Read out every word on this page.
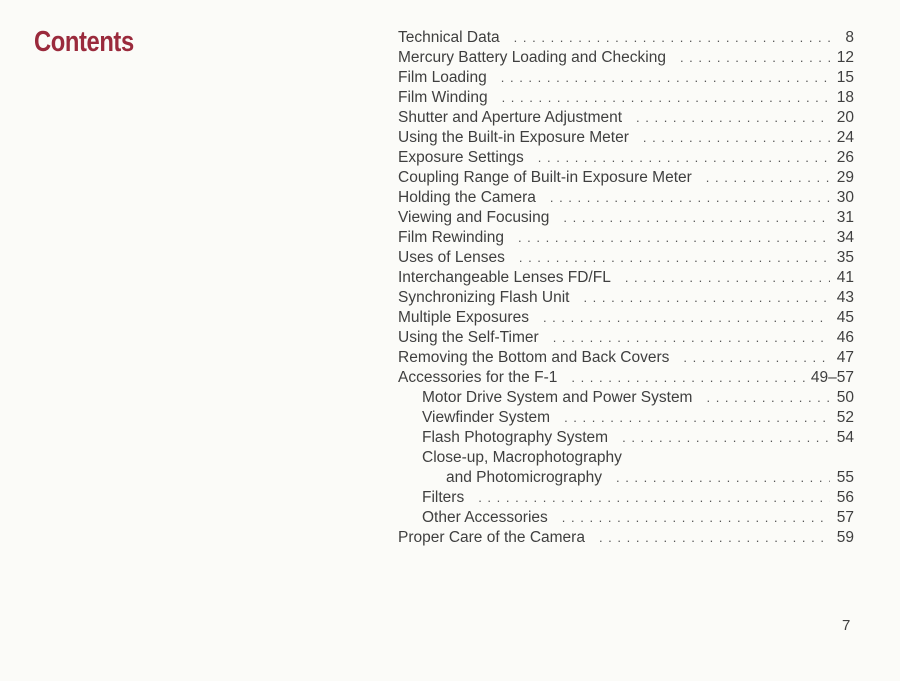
Contents	Technical Data . . .	8
Mercury Battery Loading and Checking . . .	12
Film Loading . . .	15
Film Winding . . .	18
Shutter and Aperture Adjustment . . .	20
Using the Built-in Exposure Meter . . .	24
Exposure Settings . . .	26
Coupling Range of Built-in Exposure Meter . . .	29
Holding the Camera . . .	30
Viewing and Focusing . . .	31
Film Rewinding . . .	34
Uses of Lenses . . .	35
Interchangeable Lenses FD/FL . . .	41
Synchronizing Flash Unit . . .	43
Multiple Exposures . . .	45
Using the Self-Timer . . .	46
Removing the Bottom and Back Covers . . .	47
Accessories for the F-1 . . .	49–57
Motor Drive System and Power System . . .	50
Viewfinder System . . .	52
Flash Photography System . . .	54
Close-up, Macrophotography
and Photomicrography . . .	55
Filters . . .	56
Other Accessories . . .	57
Proper Care of the Camera . . .	59
7
